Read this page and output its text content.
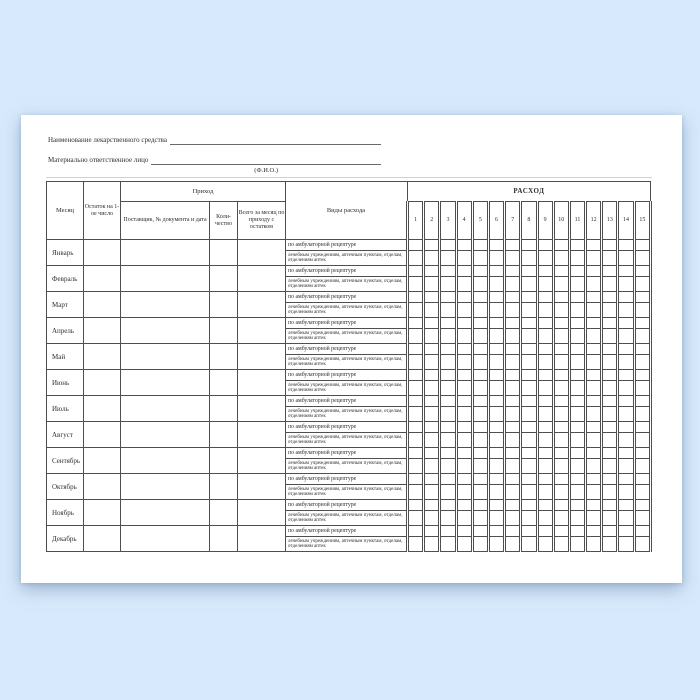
Наименование лекарственного средства
Материально ответственное лицо
(Ф.И.О.)
Месяц	Остаток на 1-ое число	Приход			Виды расхода	РАСХОД														
		Поставщик, № документа и дата	Коли-чество	Всего за месяц по приходу с остатком		1	2	3	4	5	6	7	8	9	10	11	12	13	14	15
Январь					по амбулаторной рецептуре															
					лечебным учреждениям, аптечным пунктам, отделам, отделениям аптек															
Февраль					по амбулаторной рецептуре															
					лечебным учреждениям, аптечным пунктам, отделам, отделениям аптек															
Март					по амбулаторной рецептуре															
					лечебным учреждениям, аптечным пунктам, отделам, отделениям аптек															
Апрель					по амбулаторной рецептуре															
					лечебным учреждениям, аптечным пунктам, отделам, отделениям аптек															
Май					по амбулаторной рецептуре															
					лечебным учреждениям, аптечным пунктам, отделам, отделениям аптек															
Июнь					по амбулаторной рецептуре															
					лечебным учреждениям, аптечным пунктам, отделам, отделениям аптек															
Июль					по амбулаторной рецептуре															
					лечебным учреждениям, аптечным пунктам, отделам, отделениям аптек															
Август					по амбулаторной рецептуре															
					лечебным учреждениям, аптечным пунктам, отделам, отделениям аптек															
Сентябрь					по амбулаторной рецептуре															
					лечебным учреждениям, аптечным пунктам, отделам, отделениям аптек															
Октябрь					по амбулаторной рецептуре															
					лечебным учреждениям, аптечным пунктам, отделам, отделениям аптек															
Ноябрь					по амбулаторной рецептуре															
					лечебным учреждениям, аптечным пунктам, отделам, отделениям аптек															
Декабрь					по амбулаторной рецептуре															
					лечебным учреждениям, аптечным пунктам, отделам, отделениям аптек															
